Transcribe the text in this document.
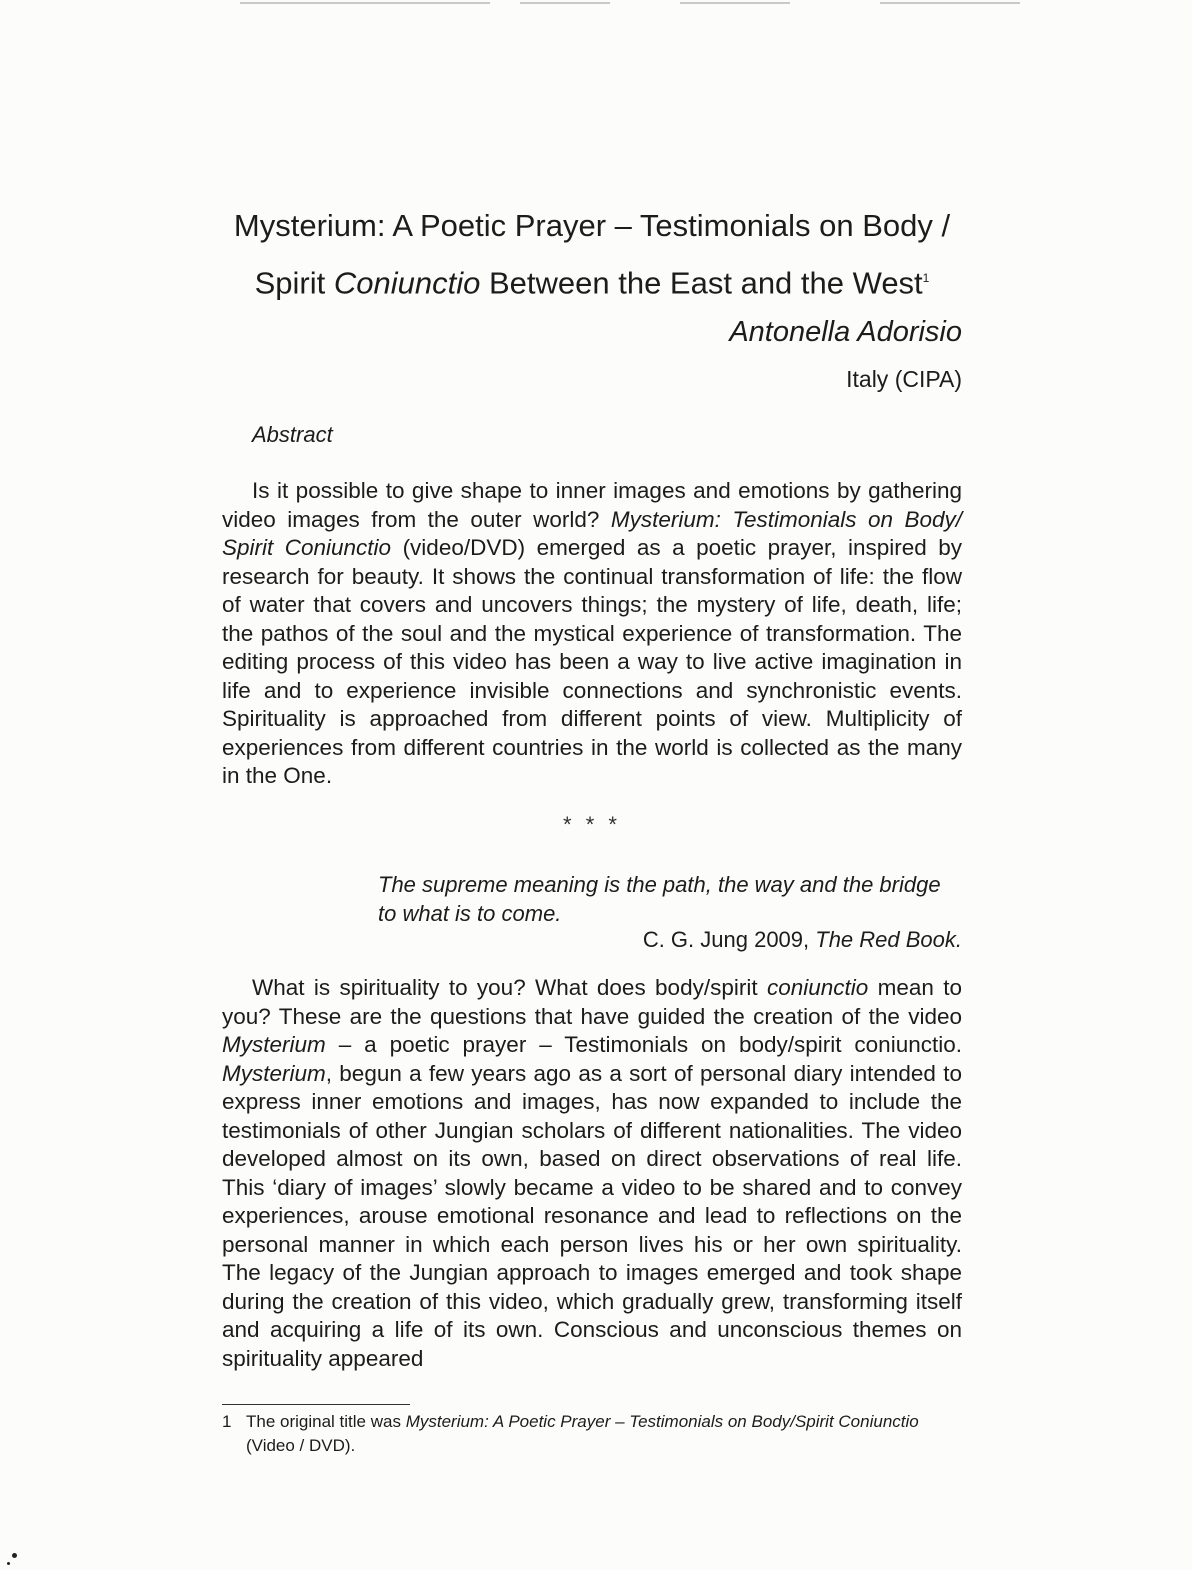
Mysterium: A Poetic Prayer – Testimonials on Body /
Spirit Coniunctio Between the East and the West$^1$
Antonella Adorisio
Italy (CIPA)
Abstract

Is it possible to give shape to inner images and emotions by gathering video images from the outer world? Mysterium: Testimonials on Body/ Spirit Coniunctio (video/DVD) emerged as a poetic prayer, inspired by research for beauty. It shows the continual transformation of life: the flow of water that covers and uncovers things; the mystery of life, death, life; the pathos of the soul and the mystical experience of transformation. The editing process of this video has been a way to live active imagination in life and to experience invisible connections and synchronistic events. Spirituality is approached from different points of view. Multiplicity of experiences from different countries in the world is collected as the many in the One.

* * *
The supreme meaning is the path, the way and the bridge to what is to come.
C. G. Jung 2009, The Red Book.

What is spirituality to you? What does body/spirit coniunctio mean to you? These are the questions that have guided the creation of the video Mysterium – a poetic prayer – Testimonials on body/spirit coniunctio. Mysterium, begun a few years ago as a sort of personal diary intended to express inner emotions and images, has now expanded to include the testimonials of other Jungian scholars of different nationalities. The video developed almost on its own, based on direct observations of real life. This ‘diary of images’ slowly became a video to be shared and to convey experiences, arouse emotional resonance and lead to reflections on the personal manner in which each person lives his or her own spirituality. The legacy of the Jungian approach to images emerged and took shape during the creation of this video, which gradually grew, transforming itself and acquiring a life of its own. Conscious and unconscious themes on spirituality appeared

1 The original title was Mysterium: A Poetic Prayer – Testimonials on Body/Spirit Coniunctio
(Video / DVD).
